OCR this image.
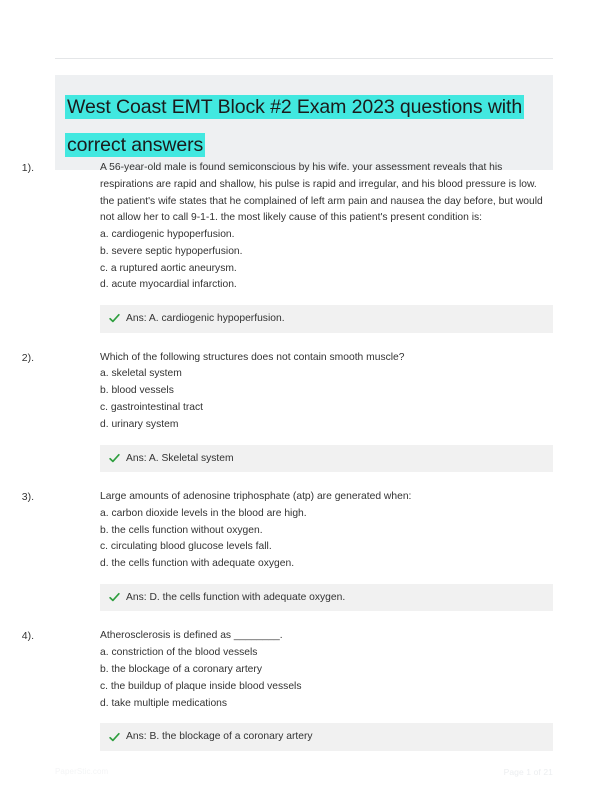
West Coast EMT Block #2 Exam 2023 questions with correct answers
1).	A 56-year-old male is found semiconscious by his wife. your assessment reveals that his respirations are rapid and shallow, his pulse is rapid and irregular, and his blood pressure is low. the patient's wife states that he complained of left arm pain and nausea the day before, but would not allow her to call 9-1-1. the most likely cause of this patient's present condition is:

a. cardiogenic hypoperfusion.
b. severe septic hypoperfusion.
c. a ruptured aortic aneurysm.
d. acute myocardial infarction.
Ans: A. cardiogenic hypoperfusion.
2).	Which of the following structures does not contain smooth muscle?

a. skeletal system
b. blood vessels
c. gastrointestinal tract
d. urinary system
Ans: A. Skeletal system
3).	Large amounts of adenosine triphosphate (atp) are generated when:

a. carbon dioxide levels in the blood are high.
b. the cells function without oxygen.
c. circulating blood glucose levels fall.
d. the cells function with adequate oxygen.
Ans: D. the cells function with adequate oxygen.
4).	Atherosclerosis is defined as ________.

a. constriction of the blood vessels
b. the blockage of a coronary artery
c. the buildup of plaque inside blood vessels
d. take multiple medications
Ans: B. the blockage of a coronary artery
PaperStic.com	Page 1 of 21
